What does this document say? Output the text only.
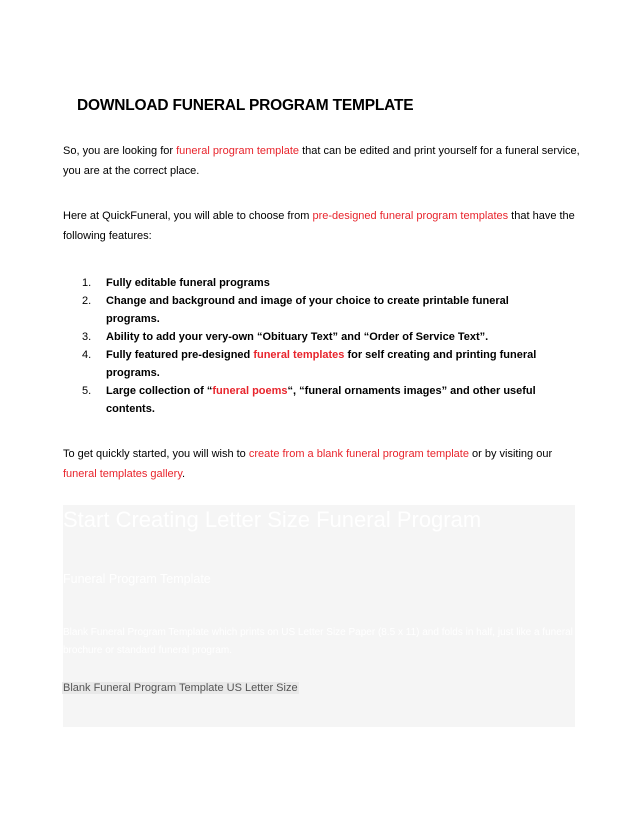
DOWNLOAD FUNERAL PROGRAM TEMPLATE
So, you are looking for funeral program template that can be edited and print yourself for a funeral service, you are at the correct place.
Here at QuickFuneral, you will able to choose from pre-designed funeral program templates that have the following features:
1. Fully editable funeral programs
2. Change and background and image of your choice to create printable funeral programs.
3. Ability to add your very-own “Obituary Text” and “Order of Service Text”.
4. Fully featured pre-designed funeral templates for self creating and printing funeral programs.
5. Large collection of “funeral poems“, “funeral ornaments images” and other useful contents.
To get quickly started, you will wish to create from a blank funeral program template or by visiting our funeral templates gallery.
Start Creating Letter Size Funeral Program
Funeral Program Template
Blank Funeral Program Template which prints on US Letter Size Paper (8.5 x 11) and folds in half, just like a funeral brochure or standard funeral program.
Blank Funeral Program Template US Letter Size
